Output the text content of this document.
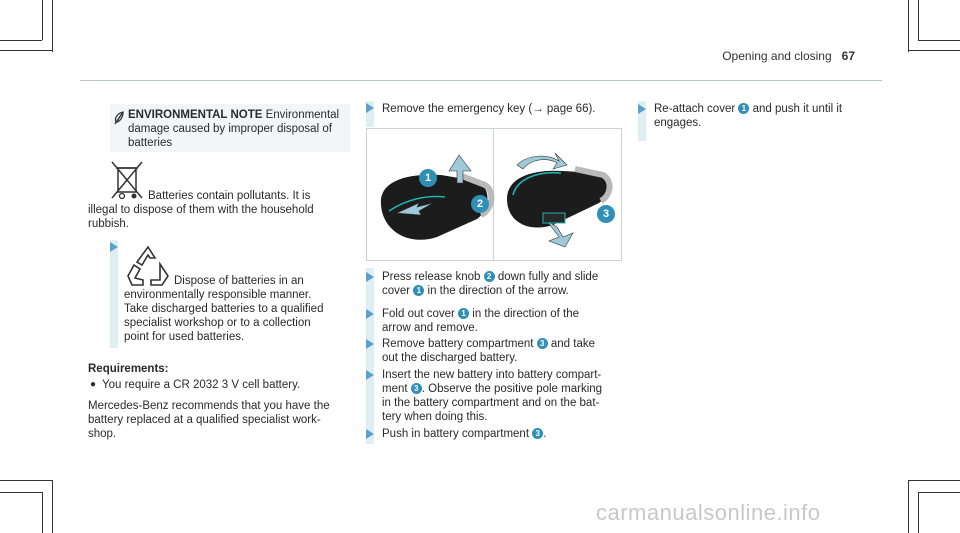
Opening and closing 67
ENVIRONMENTAL NOTE Environmental
damage caused by improper disposal of
batteries
Batteries contain pollutants. It is
illegal to dispose of them with the household
rubbish.
Dispose of batteries in an
environmentally responsible manner.
Take discharged batteries to a qualified
specialist workshop or to a collection
point for used batteries.
Requirements:
● You require a CR 2032 3 V cell battery.
Mercedes-Benz recommends that you have the
battery replaced at a qualified specialist work-
shop.
Remove the emergency key (→ page 66).
1
2
3
Press release knob 2 down fully and slide
cover 1 in the direction of the arrow.
Fold out cover 1 in the direction of the
arrow and remove.
Remove battery compartment 3 and take
out the discharged battery.
Insert the new battery into battery compart-
ment 3 . Observe the positive pole marking
in the battery compartment and on the bat-
tery when doing this.
Push in battery compartment 3 .
Re-attach cover 1 and push it until it
engages.
carmanualsonline.info
